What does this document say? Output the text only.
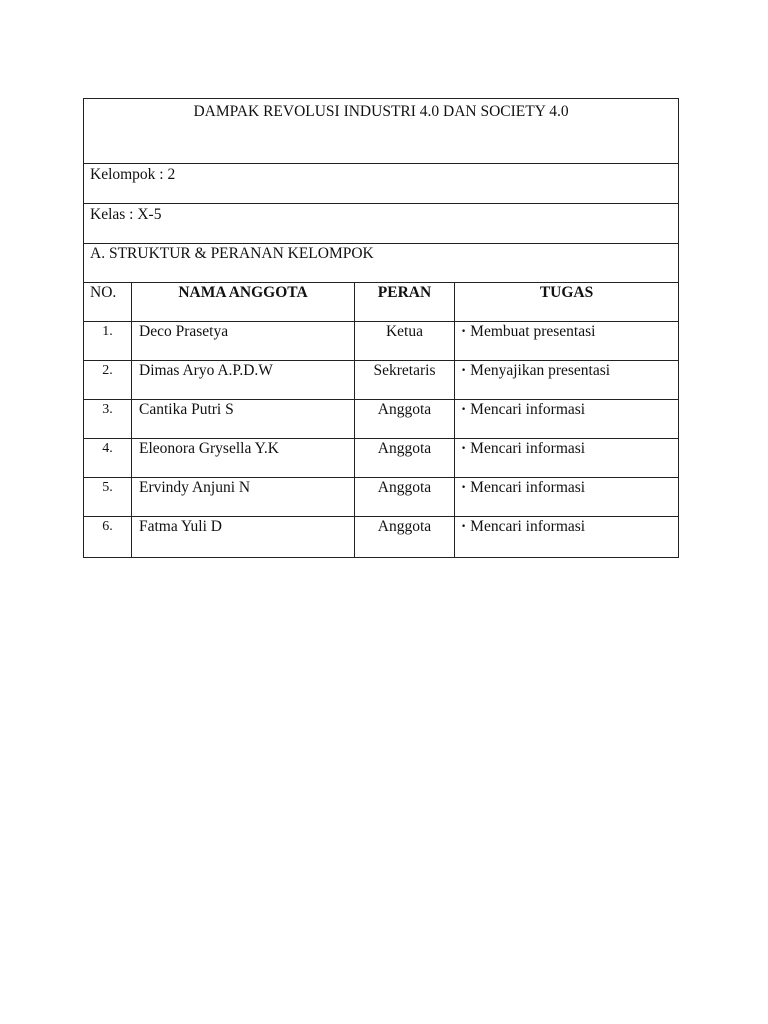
DAMPAK REVOLUSI INDUSTRI 4.0 DAN SOCIETY 4.0			
Kelompok : 2			
Kelas : X-5			
A. STRUKTUR & PERANAN KELOMPOK			
NO.	NAMA ANGGOTA	PERAN	TUGAS
1.	Deco Prasetya	Ketua	· Membuat presentasi
2.	Dimas Aryo A.P.D.W	Sekretaris	· Menyajikan presentasi
3.	Cantika Putri S	Anggota	· Mencari informasi
4.	Eleonora Grysella Y.K	Anggota	· Mencari informasi
5.	Ervindy Anjuni N	Anggota	· Mencari informasi
6.	Fatma Yuli D	Anggota	· Mencari informasi
